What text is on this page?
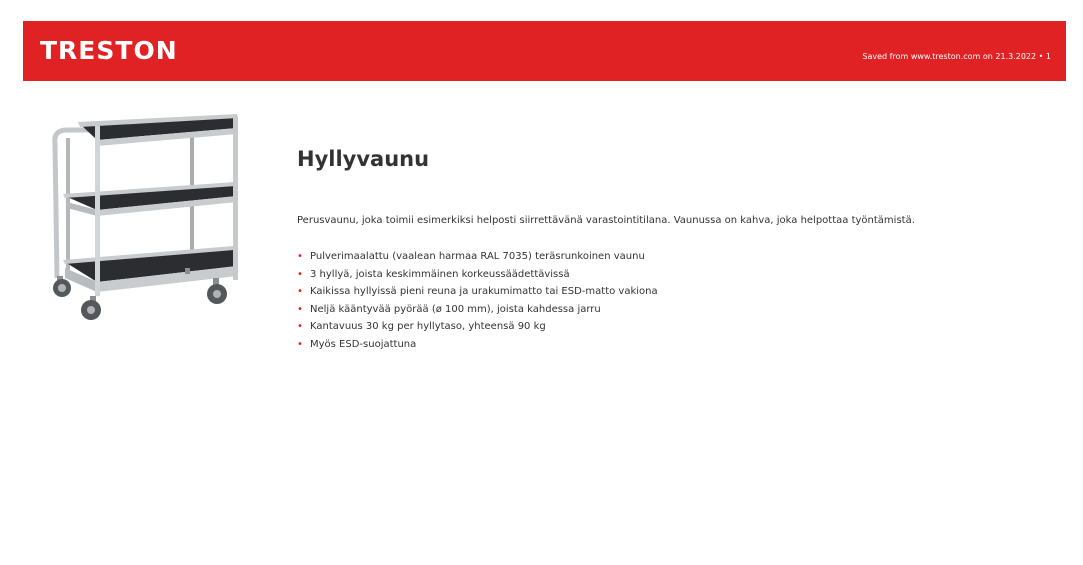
TRESTON	Saved from www.treston.com on 21.3.2022 • 1
Hyllyvaunu

Perusvaunu, joka toimii esimerkiksi helposti siirrettävänä varastointitilana. Vaunussa on kahva, joka helpottaa työntämistä.

• Pulverimaalattu (vaalean harmaa RAL 7035) teräsrunkoinen vaunu
• 3 hyllyä, joista keskimmäinen korkeussäädettävissä
• Kaikissa hyllyissä pieni reuna ja urakumimatto tai ESD-matto vakiona
• Neljä kääntyvää pyörää (ø 100 mm), joista kahdessa jarru
• Kantavuus 30 kg per hyllytaso, yhteensä 90 kg
• Myös ESD-suojattuna
